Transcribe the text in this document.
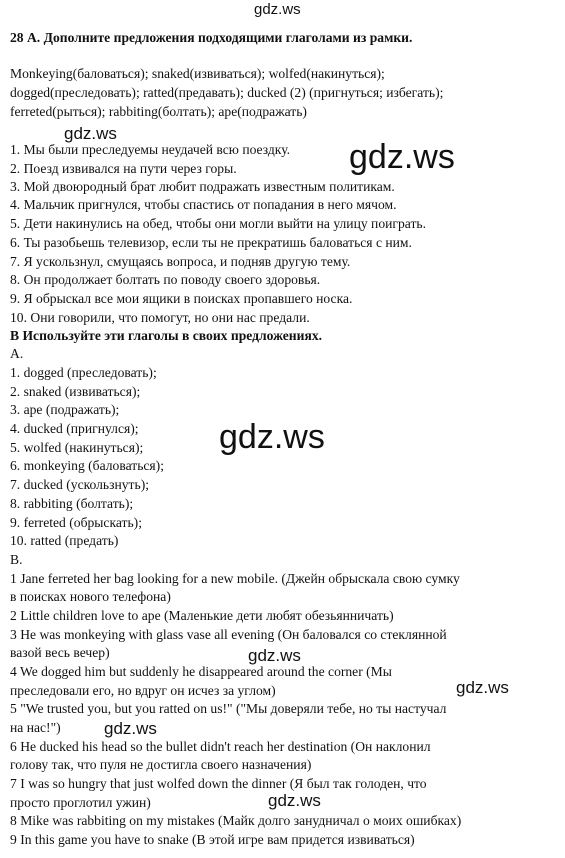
gdz.ws
28 А. Дополните предложения подходящими глаголами из рамки.
Monkeying(баловаться); snaked(извиваться); wolfed(накинуться);
dogged(преследовать); ratted(предавать); ducked (2) (пригнуться; избегать);
ferreted(рыться); rabbiting(болтать); ape(подражать)
gdz.ws
gdz.ws
1. Мы были преследуемы неудачей всю поездку.
2. Поезд извивался на пути через горы.
3. Мой двоюродный брат любит подражать известным политикам.
4. Мальчик пригнулся, чтобы спастись от попадания в него мячом.
5. Дети накинулись на обед, чтобы они могли выйти на улицу поиграть.
6. Ты разобьешь телевизор, если ты не прекратишь баловаться с ним.
7. Я ускользнул, смущаясь вопроса, и подняв другую тему.
8. Он продолжает болтать по поводу своего здоровья.
9. Я обрыскал все мои ящики в поисках пропавшего носка.
10. Они говорили, что помогут, но они нас предали.
В Используйте эти глаголы в своих предложениях.
A.
1. dogged (преследовать);
2. snaked (извиваться);
3. ape (подражать);
4. ducked (пригнулся);
5. wolfed (накинуться);
6. monkeying (баловаться);
7. ducked (ускользнуть);
8. rabbiting (болтать);
9. ferreted (обрыскать);
10. ratted (предать)
gdz.ws
B.
1 Jane ferreted her bag looking for a new mobile. (Джейн обрыскала свою сумку
в поисках нового телефона)
2 Little children love to ape (Маленькие дети любят обезьянничать)
3 He was monkeying with glass vase all evening (Он баловался со стеклянной
вазой весь вечер)	gdz.ws
4 We dogged him but suddenly he disappeared around the corner (Мы
преследовали его, но вдруг он исчез за углом)	gdz.ws
5 "We trusted you, but you ratted on us!" ("Мы доверяли тебе, но ты настучал
на нас!")	gdz.ws
6 He ducked his head so the bullet didn't reach her destination (Он наклонил
голову так, что пуля не достигла своего назначения)
7 I was so hungry that just wolfed down the dinner (Я был так голоден, что
просто проглотил ужин)	gdz.ws
8 Mike was rabbiting on my mistakes (Майк долго занудничал о моих ошибках)
9 In this game you have to snake (В этой игре вам придется извиваться)
